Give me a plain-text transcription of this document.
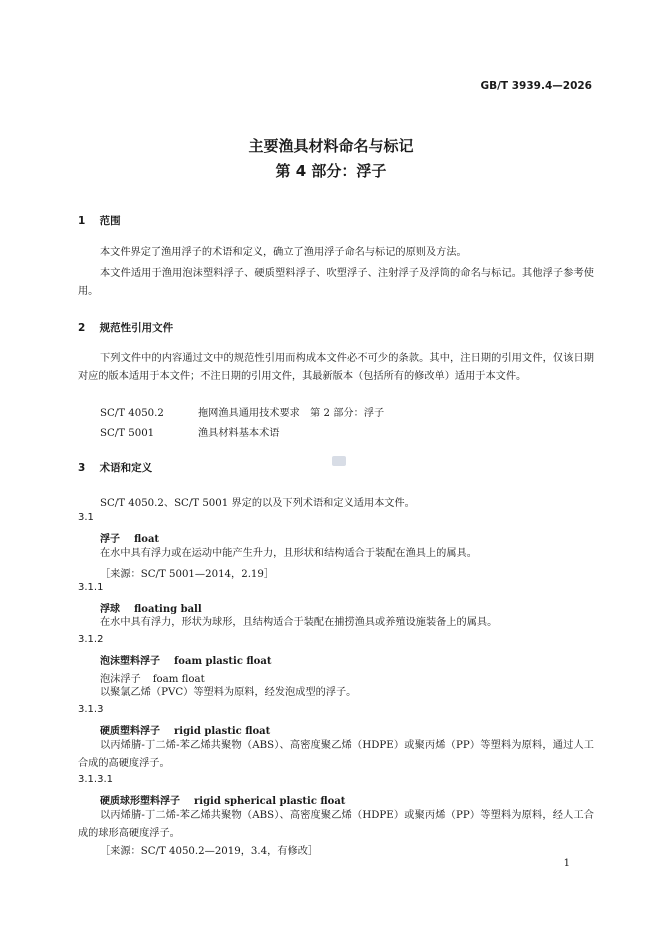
GB/T 3939.4—2026
主要渔具材料命名与标记
第 4 部分：浮子
1 范围
本文件界定了渔用浮子的术语和定义，确立了渔用浮子命名与标记的原则及方法。
本文件适用于渔用泡沫塑料浮子、硬质塑料浮子、吹塑浮子、注射浮子及浮筒的命名与标记。其他浮子参考使用。
2 规范性引用文件
下列文件中的内容通过文中的规范性引用而构成本文件必不可少的条款。其中，注日期的引用文件，仅该日期对应的版本适用于本文件；不注日期的引用文件，其最新版本（包括所有的修改单）适用于本文件。
SC/T 4050.2	拖网渔具通用技术要求　第 2 部分：浮子
SC/T 5001	渔具材料基本术语
3 术语和定义
SC/T 4050.2、SC/T 5001 界定的以及下列术语和定义适用本文件。
3.1
浮子 float
在水中具有浮力或在运动中能产生升力，且形状和结构适合于装配在渔具上的属具。
［来源：SC/T 5001—2014，2.19］
3.1.1
浮球 floating ball
在水中具有浮力，形状为球形，且结构适合于装配在捕捞渔具或养殖设施装备上的属具。
3.1.2
泡沫塑料浮子 foam plastic float
泡沫浮子 foam float
以聚氯乙烯（PVC）等塑料为原料，经发泡成型的浮子。
3.1.3
硬质塑料浮子 rigid plastic float
以丙烯腈-丁二烯-苯乙烯共聚物（ABS）、高密度聚乙烯（HDPE）或聚丙烯（PP）等塑料为原料，通过人工合成的高硬度浮子。
3.1.3.1
硬质球形塑料浮子 rigid spherical plastic float
以丙烯腈-丁二烯-苯乙烯共聚物（ABS）、高密度聚乙烯（HDPE）或聚丙烯（PP）等塑料为原料，经人工合成的球形高硬度浮子。
［来源：SC/T 4050.2—2019，3.4，有修改］
1
